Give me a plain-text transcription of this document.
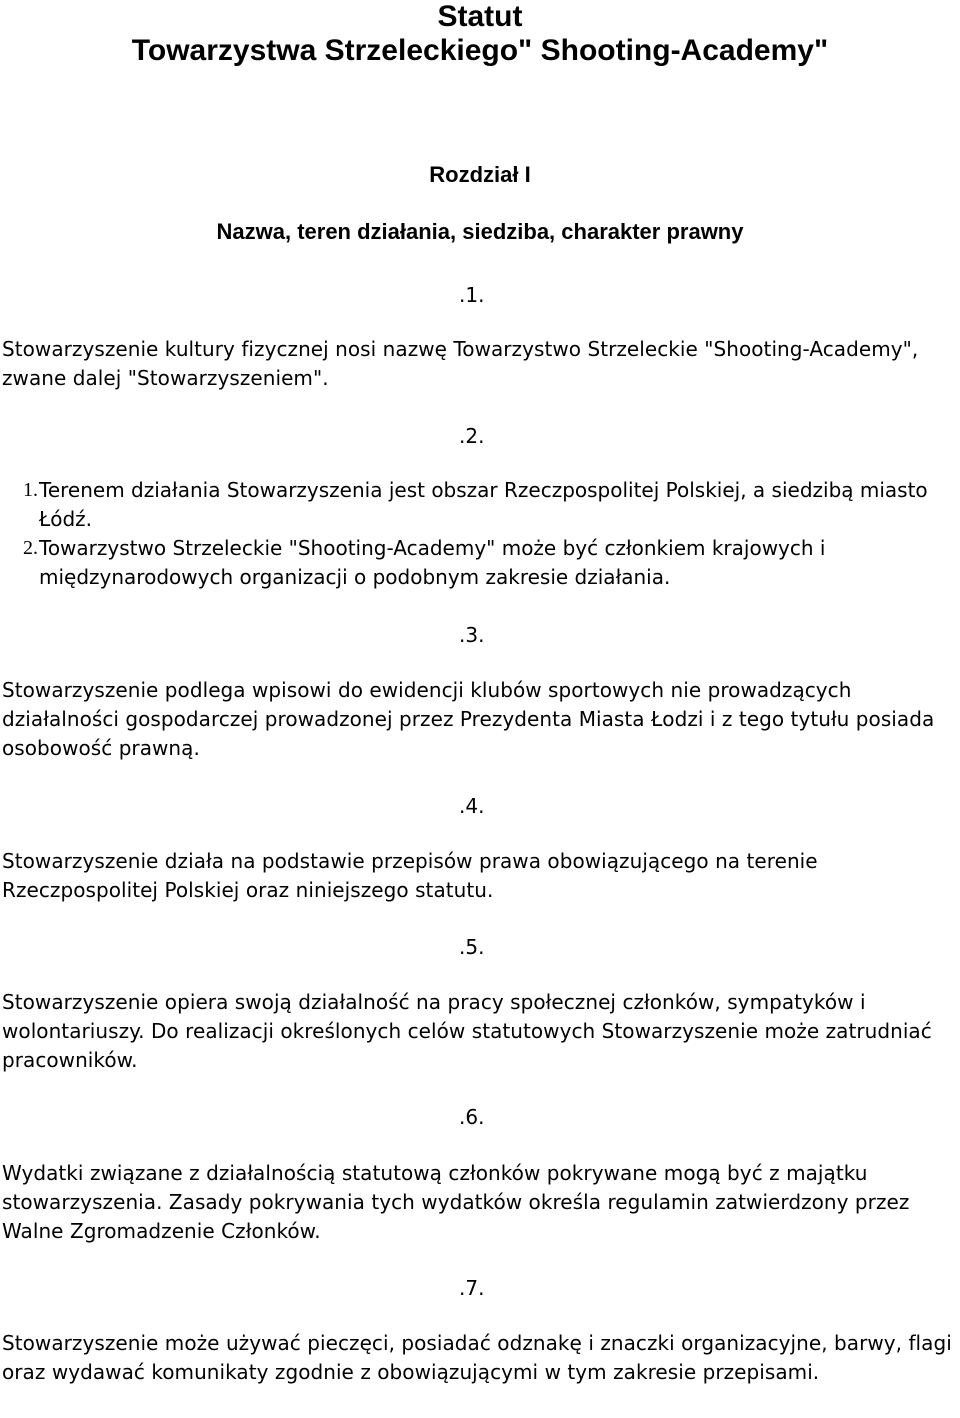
Statut
Towarzystwa Strzeleckiego" Shooting-Academy"
Rozdział I
Nazwa, teren działania, siedziba, charakter prawny
.1.
Stowarzyszenie kultury fizycznej nosi nazwę Towarzystwo Strzeleckie "Shooting-Academy", zwane dalej "Stowarzyszeniem".
.2.
1. Terenem działania Stowarzyszenia jest obszar Rzeczpospolitej Polskiej, a siedzibą miasto Łódź.
2. Towarzystwo Strzeleckie "Shooting-Academy" może być członkiem krajowych i międzynarodowych organizacji o podobnym zakresie działania.
.3.
Stowarzyszenie podlega wpisowi do ewidencji klubów sportowych nie prowadzących działalności gospodarczej prowadzonej przez Prezydenta Miasta Łodzi i z tego tytułu posiada osobowość prawną.
.4.
Stowarzyszenie działa na podstawie przepisów prawa obowiązującego na terenie Rzeczpospolitej Polskiej oraz niniejszego statutu.
.5.
Stowarzyszenie opiera swoją działalność na pracy społecznej członków, sympatyków i wolontariuszy. Do realizacji określonych celów statutowych Stowarzyszenie może zatrudniać pracowników.
.6.
Wydatki związane z działalnością statutową członków pokrywane mogą być z majątku stowarzyszenia. Zasady pokrywania tych wydatków określa regulamin zatwierdzony przez Walne Zgromadzenie Członków.
.7.
Stowarzyszenie może używać pieczęci, posiadać odznakę i znaczki organizacyjne, barwy, flagi oraz wydawać komunikaty zgodnie z obowiązującymi w tym zakresie przepisami.
